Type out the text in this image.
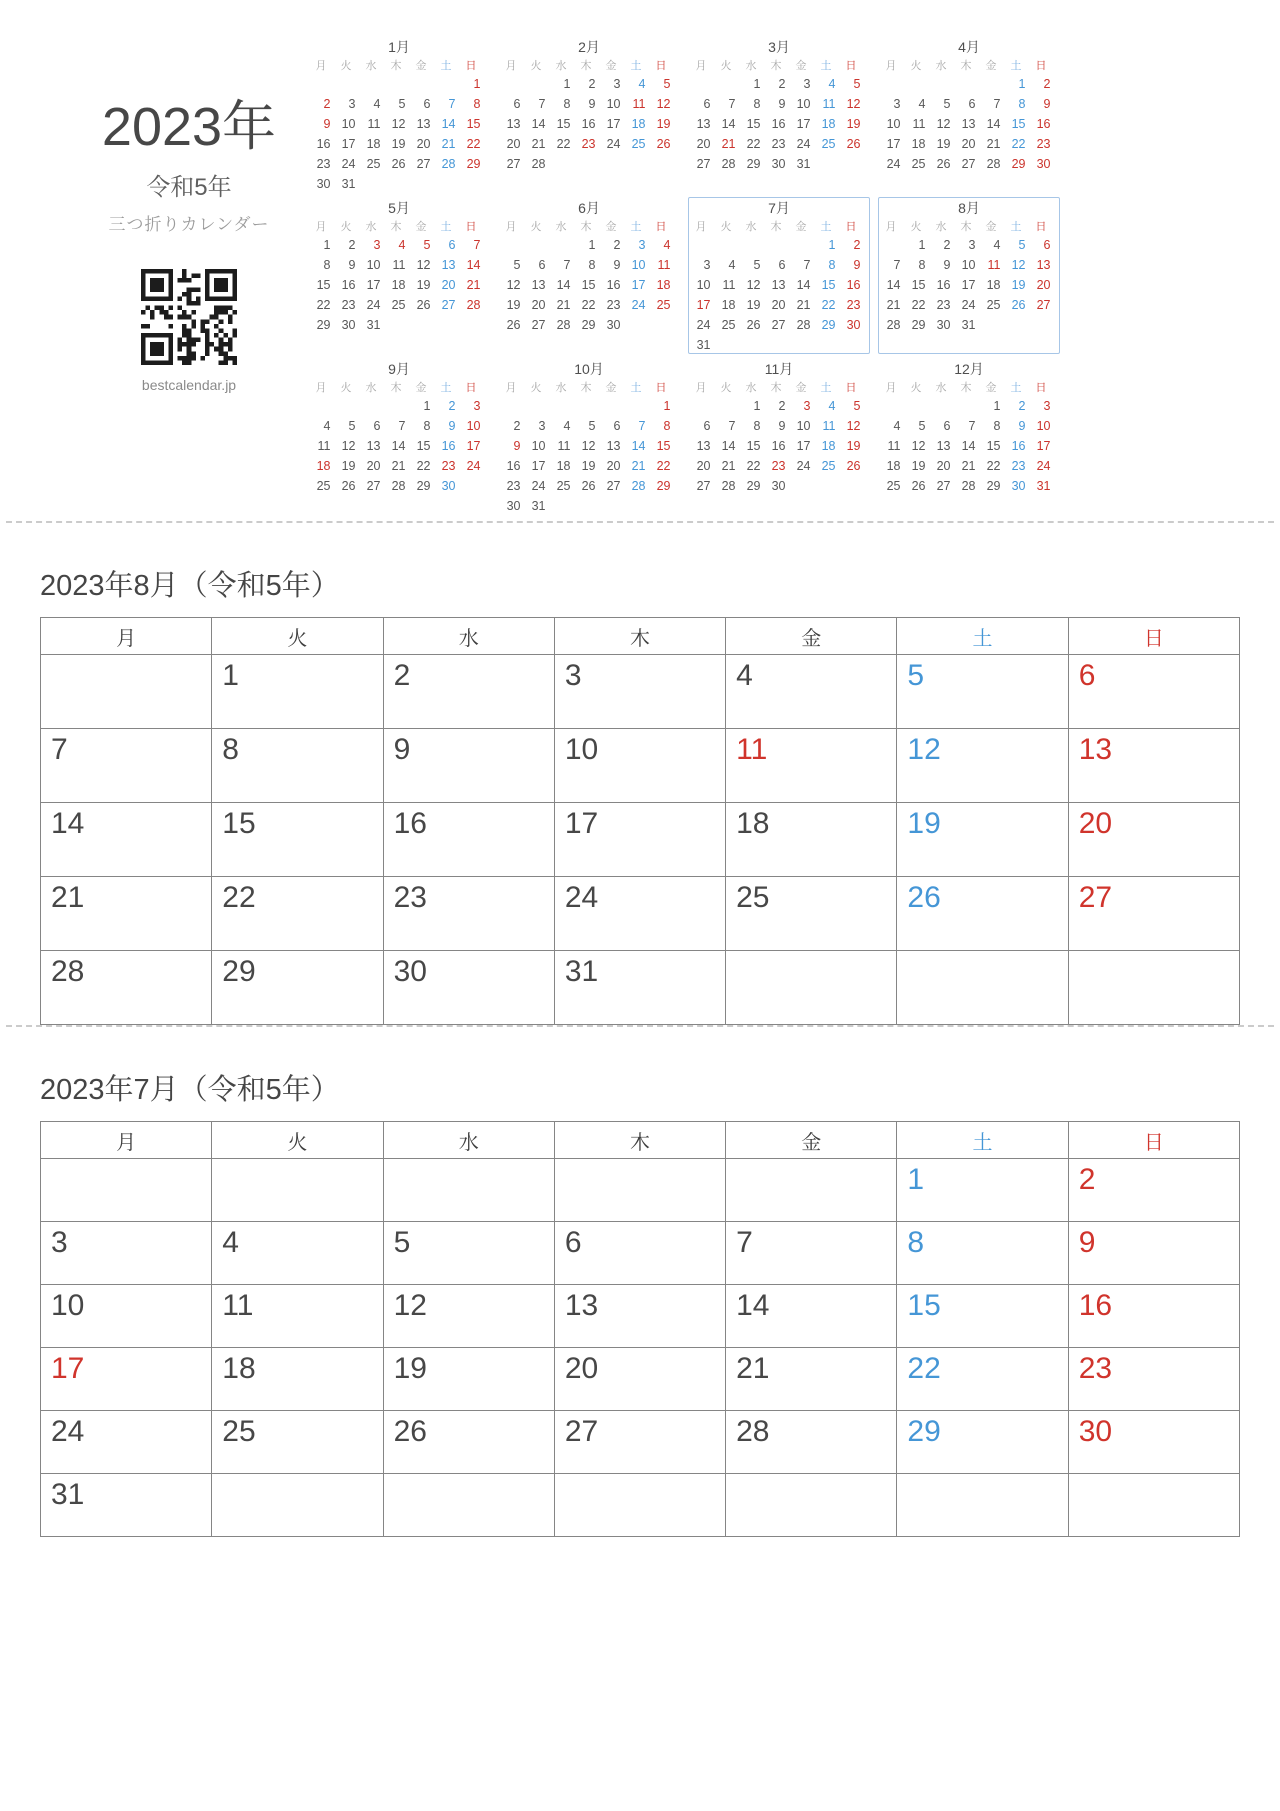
2023年
令和5年
三つ折りカレンダー
bestcalendar.jp
1月
月	火	水	木	金	土	日
						1
2	3	4	5	6	7	8
9	10	11	12	13	14	15
16	17	18	19	20	21	22
23	24	25	26	27	28	29
30	31					
2月
月	火	水	木	金	土	日
		1	2	3	4	5
6	7	8	9	10	11	12
13	14	15	16	17	18	19
20	21	22	23	24	25	26
27	28					
3月
月	火	水	木	金	土	日
		1	2	3	4	5
6	7	8	9	10	11	12
13	14	15	16	17	18	19
20	21	22	23	24	25	26
27	28	29	30	31		
4月
月	火	水	木	金	土	日
					1	2
3	4	5	6	7	8	9
10	11	12	13	14	15	16
17	18	19	20	21	22	23
24	25	26	27	28	29	30
5月
月	火	水	木	金	土	日
1	2	3	4	5	6	7
8	9	10	11	12	13	14
15	16	17	18	19	20	21
22	23	24	25	26	27	28
29	30	31				
6月
月	火	水	木	金	土	日
			1	2	3	4
5	6	7	8	9	10	11
12	13	14	15	16	17	18
19	20	21	22	23	24	25
26	27	28	29	30		
7月
月	火	水	木	金	土	日
					1	2
3	4	5	6	7	8	9
10	11	12	13	14	15	16
17	18	19	20	21	22	23
24	25	26	27	28	29	30
31						
8月
月	火	水	木	金	土	日
	1	2	3	4	5	6
7	8	9	10	11	12	13
14	15	16	17	18	19	20
21	22	23	24	25	26	27
28	29	30	31			
9月
月	火	水	木	金	土	日
				1	2	3
4	5	6	7	8	9	10
11	12	13	14	15	16	17
18	19	20	21	22	23	24
25	26	27	28	29	30	
10月
月	火	水	木	金	土	日
						1
2	3	4	5	6	7	8
9	10	11	12	13	14	15
16	17	18	19	20	21	22
23	24	25	26	27	28	29
30	31					
11月
月	火	水	木	金	土	日
		1	2	3	4	5
6	7	8	9	10	11	12
13	14	15	16	17	18	19
20	21	22	23	24	25	26
27	28	29	30			
12月
月	火	水	木	金	土	日
				1	2	3
4	5	6	7	8	9	10
11	12	13	14	15	16	17
18	19	20	21	22	23	24
25	26	27	28	29	30	31
2023年8月（令和5年）
月	火	水	木	金	土	日
	1	2	3	4	5	6
7	8	9	10	11	12	13
14	15	16	17	18	19	20
21	22	23	24	25	26	27
28	29	30	31			
2023年7月（令和5年）
月	火	水	木	金	土	日
					1	2
3	4	5	6	7	8	9
10	11	12	13	14	15	16
17	18	19	20	21	22	23
24	25	26	27	28	29	30
31						
